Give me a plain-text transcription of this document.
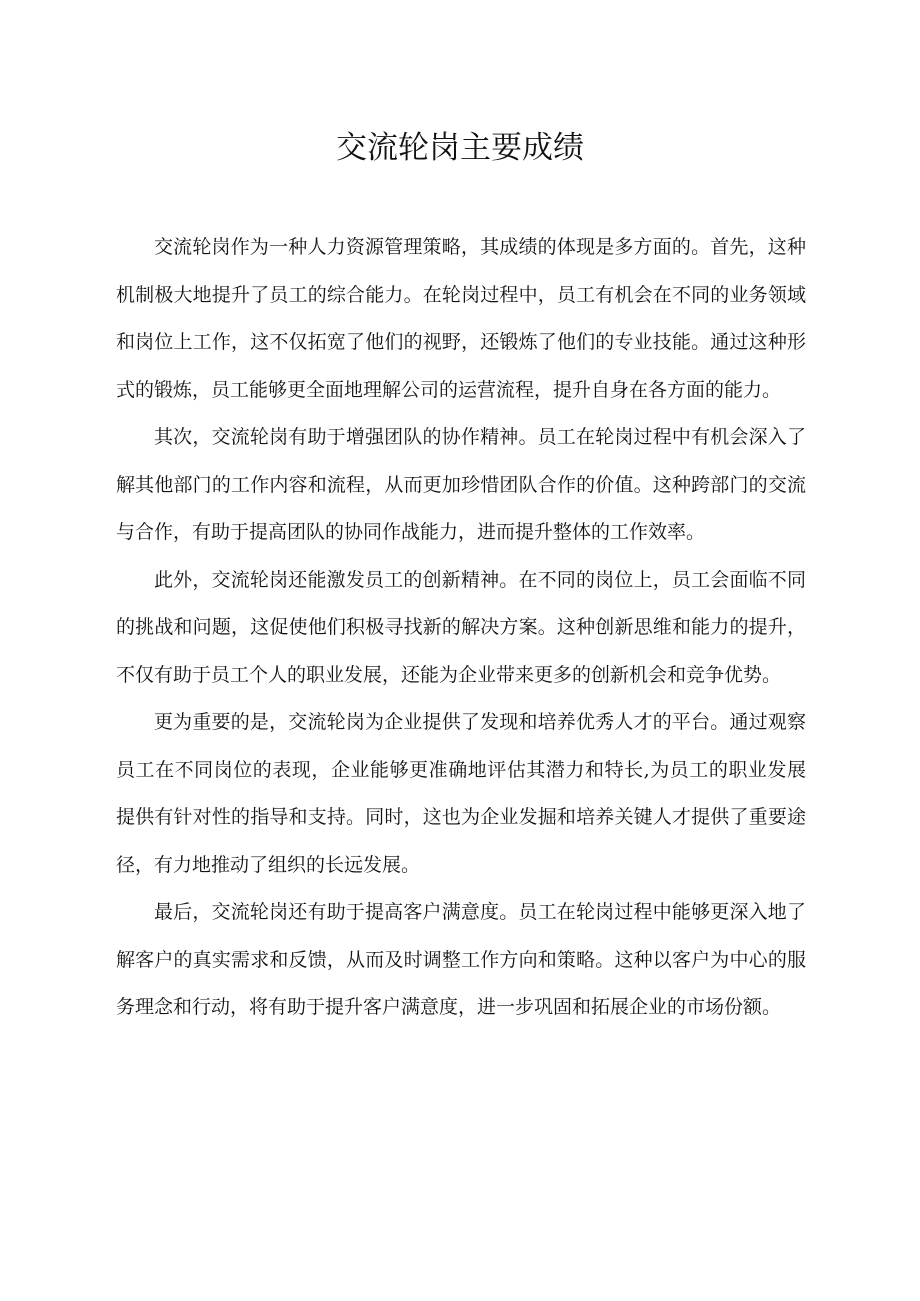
交流轮岗主要成绩

交流轮岗作为一种人力资源管理策略，其成绩的体现是多方面的。首先，这种机制极大地提升了员工的综合能力。在轮岗过程中，员工有机会在不同的业务领域和岗位上工作，这不仅拓宽了他们的视野，还锻炼了他们的专业技能。通过这种形式的锻炼，员工能够更全面地理解公司的运营流程，提升自身在各方面的能力。

其次，交流轮岗有助于增强团队的协作精神。员工在轮岗过程中有机会深入了解其他部门的工作内容和流程，从而更加珍惜团队合作的价值。这种跨部门的交流与合作，有助于提高团队的协同作战能力，进而提升整体的工作效率。

此外，交流轮岗还能激发员工的创新精神。在不同的岗位上，员工会面临不同的挑战和问题，这促使他们积极寻找新的解决方案。这种创新思维和能力的提升，不仅有助于员工个人的职业发展，还能为企业带来更多的创新机会和竞争优势。

更为重要的是，交流轮岗为企业提供了发现和培养优秀人才的平台。通过观察员工在不同岗位的表现，企业能够更准确地评估其潜力和特长,为员工的职业发展提供有针对性的指导和支持。同时，这也为企业发掘和培养关键人才提供了重要途径，有力地推动了组织的长远发展。

最后，交流轮岗还有助于提高客户满意度。员工在轮岗过程中能够更深入地了解客户的真实需求和反馈，从而及时调整工作方向和策略。这种以客户为中心的服务理念和行动，将有助于提升客户满意度，进一步巩固和拓展企业的市场份额。
